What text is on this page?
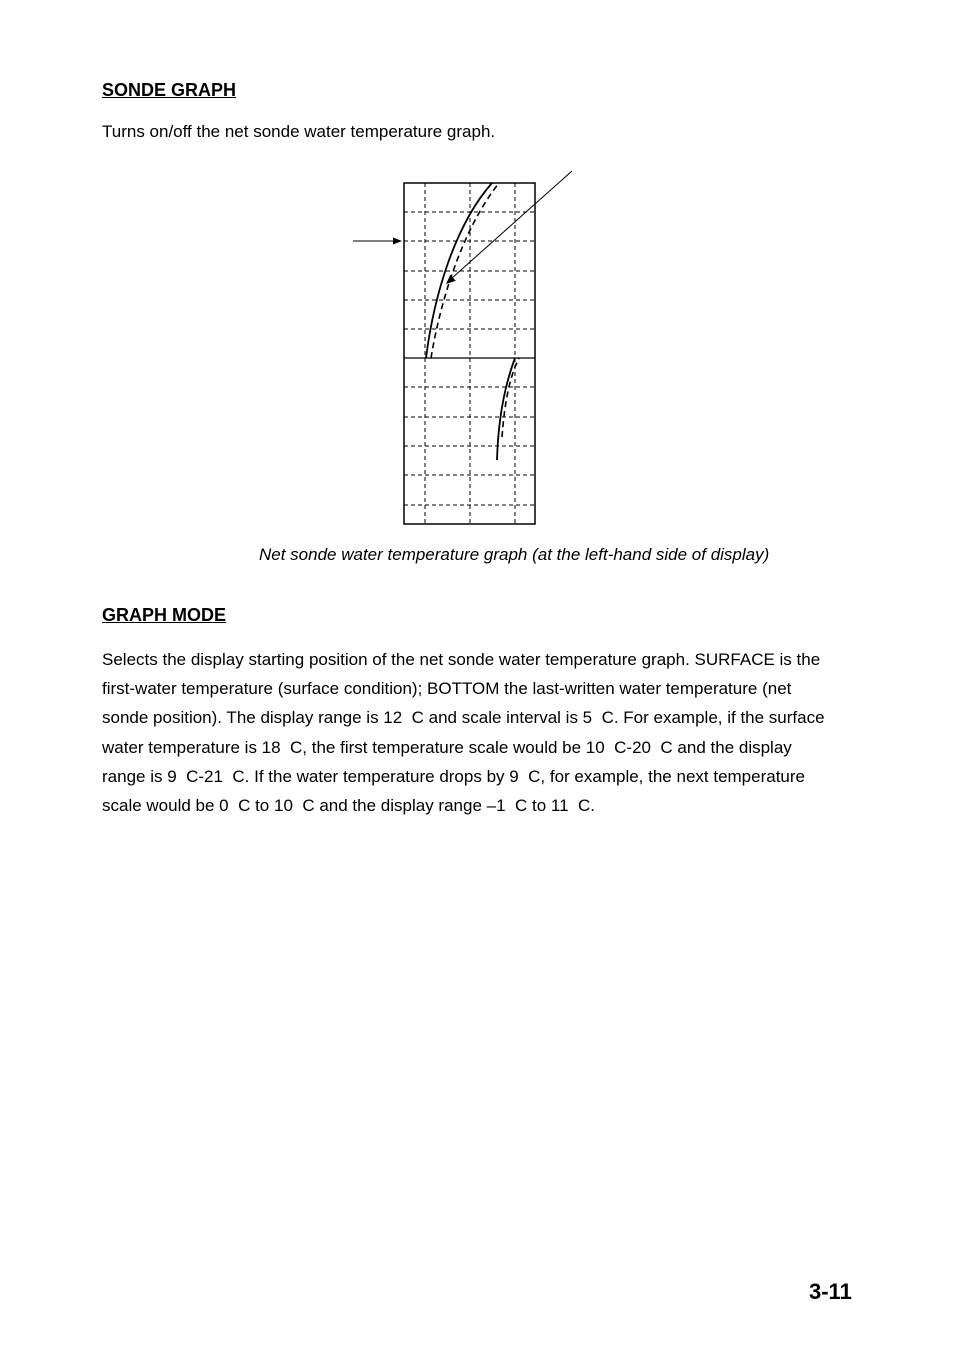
SONDE GRAPH

Turns on/off the net sonde water temperature graph.

Net sonde water temperature graph (at the left-hand side of display)

GRAPH MODE

Selects the display starting position of the net sonde water temperature graph. SURFACE is the
first-water temperature (surface condition); BOTTOM the last-written water temperature (net
sonde position). The display range is 12  C and scale interval is 5  C. For example, if the surface
water temperature is 18  C, the first temperature scale would be 10  C-20  C and the display
range is 9  C-21  C. If the water temperature drops by 9  C, for example, the next temperature
scale would be 0  C to 10  C and the display range –1  C to 11  C.

3-11
